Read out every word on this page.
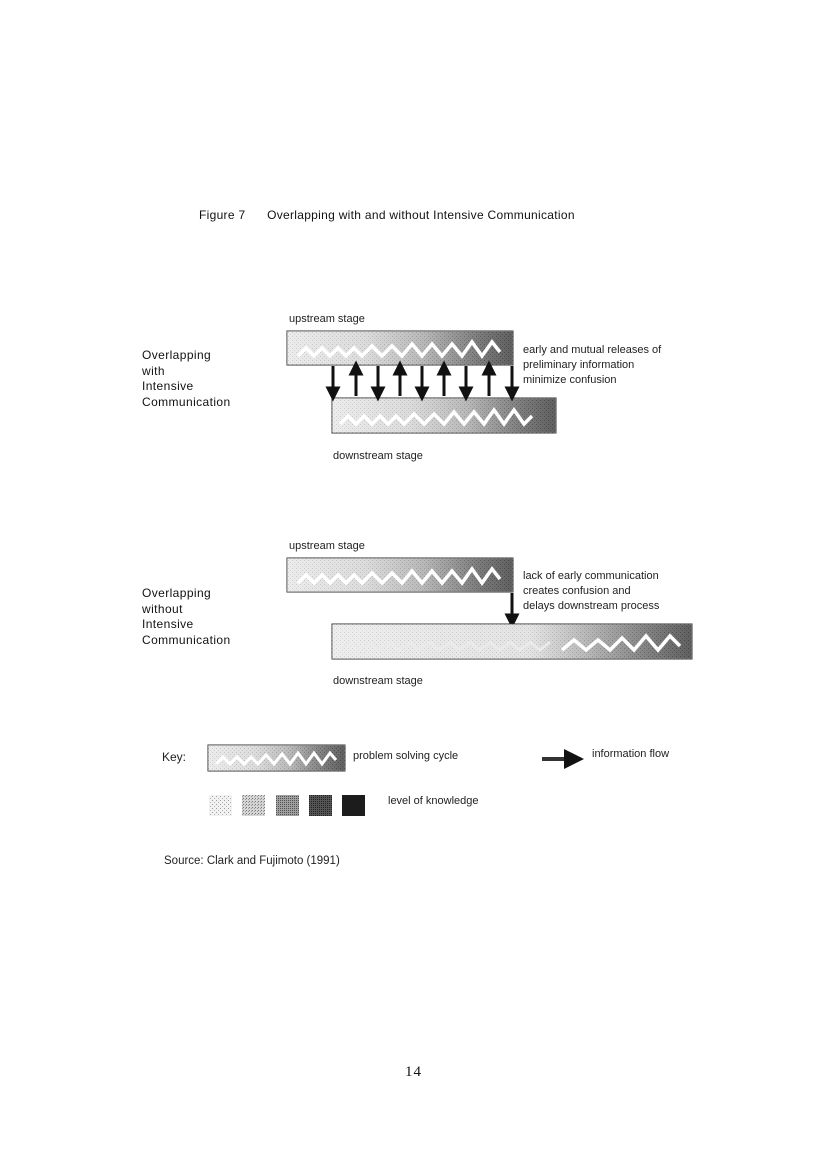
Figure 7 Overlapping with and without Intensive Communication
Overlapping
with
Intensive
Communication
upstream stage
downstream stage
early and mutual releases of
preliminary information
minimize confusion
Overlapping
without
Intensive
Communication
upstream stage
downstream stage
lack of early communication
creates confusion and
delays downstream process
Key:	problem solving cycle	information flow
level of knowledge
Source: Clark and Fujimoto (1991)
14
